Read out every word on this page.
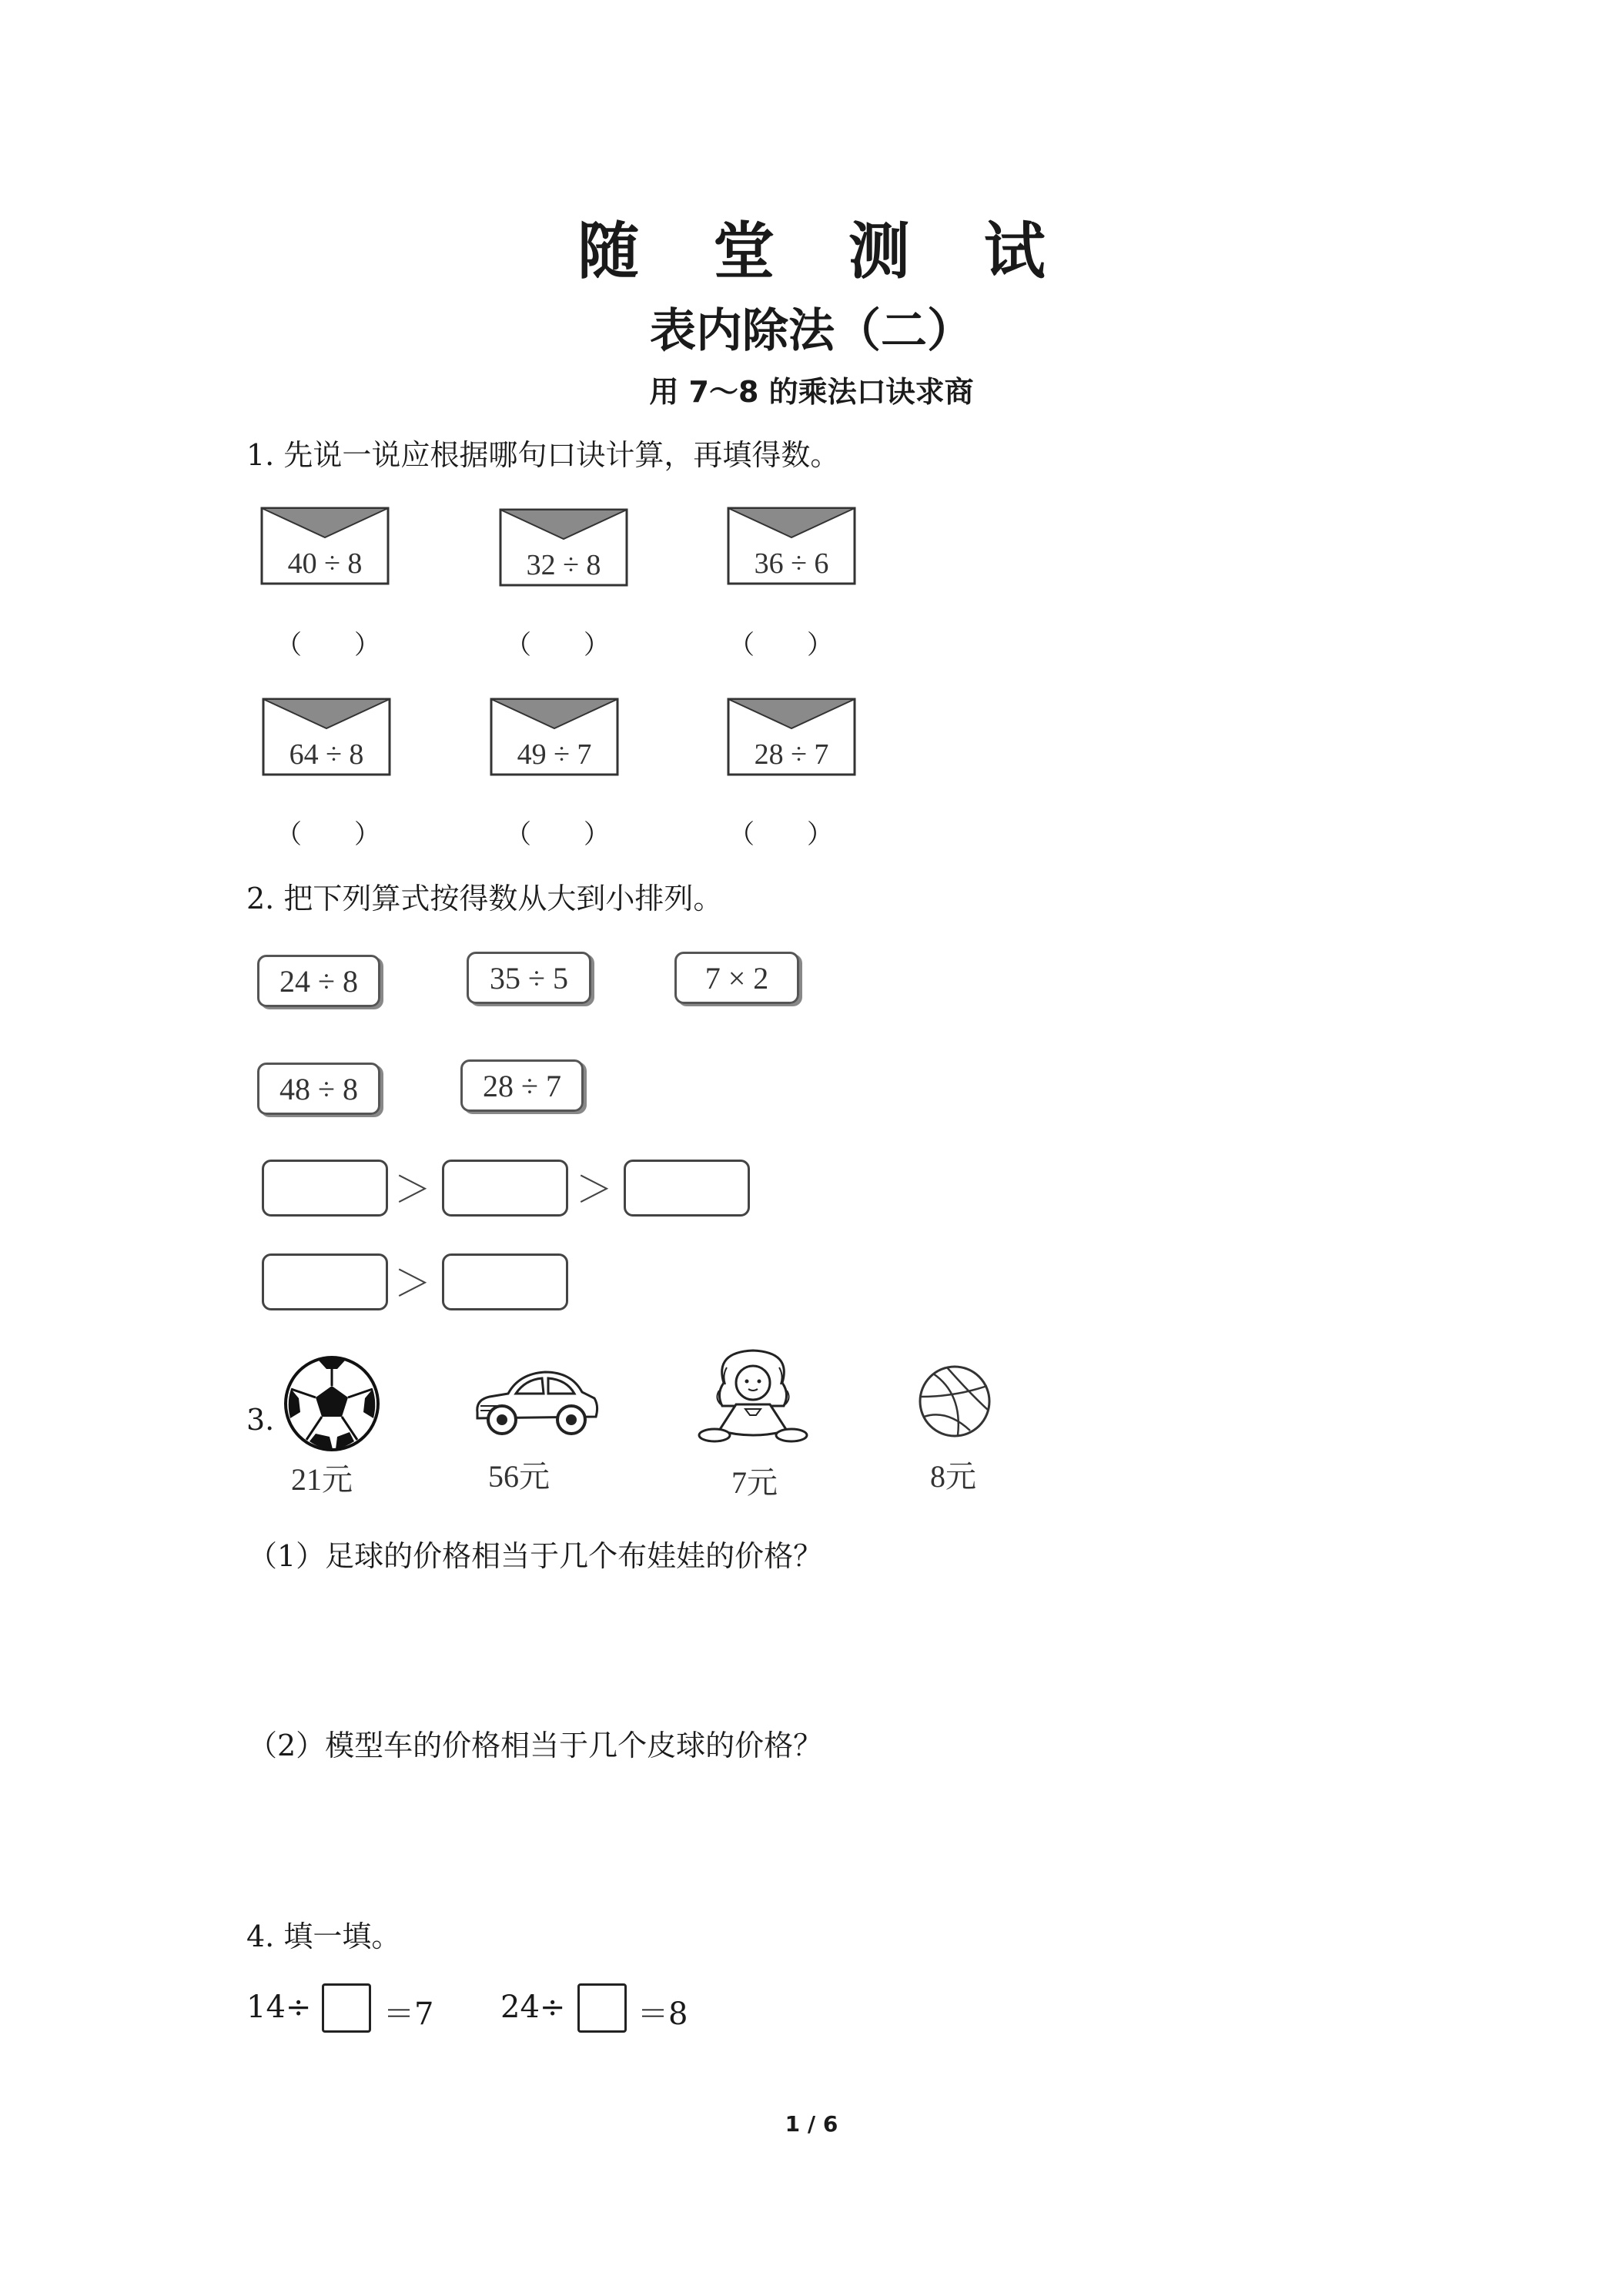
随 堂 测 试
表内除法（二）
用 7～8 的乘法口诀求商
1. 先说一说应根据哪句口诀计算，再填得数。
40 ÷ 8	32 ÷ 8	36 ÷ 6
（　　）	（　　）	（　　）
64 ÷ 8	49 ÷ 7	28 ÷ 7
（　　）	（　　）	（　　）
2. 把下列算式按得数从大到小排列。
24 ÷ 8	35 ÷ 5	7 × 2
48 ÷ 8	28 ÷ 7
＞	＞
＞
3.
21元	56元	7元	8元
（1）足球的价格相当于几个布娃娃的价格？
（2）模型车的价格相当于几个皮球的价格？
4. 填一填。
14÷ ＝7 24÷ ＝8
1 / 6
